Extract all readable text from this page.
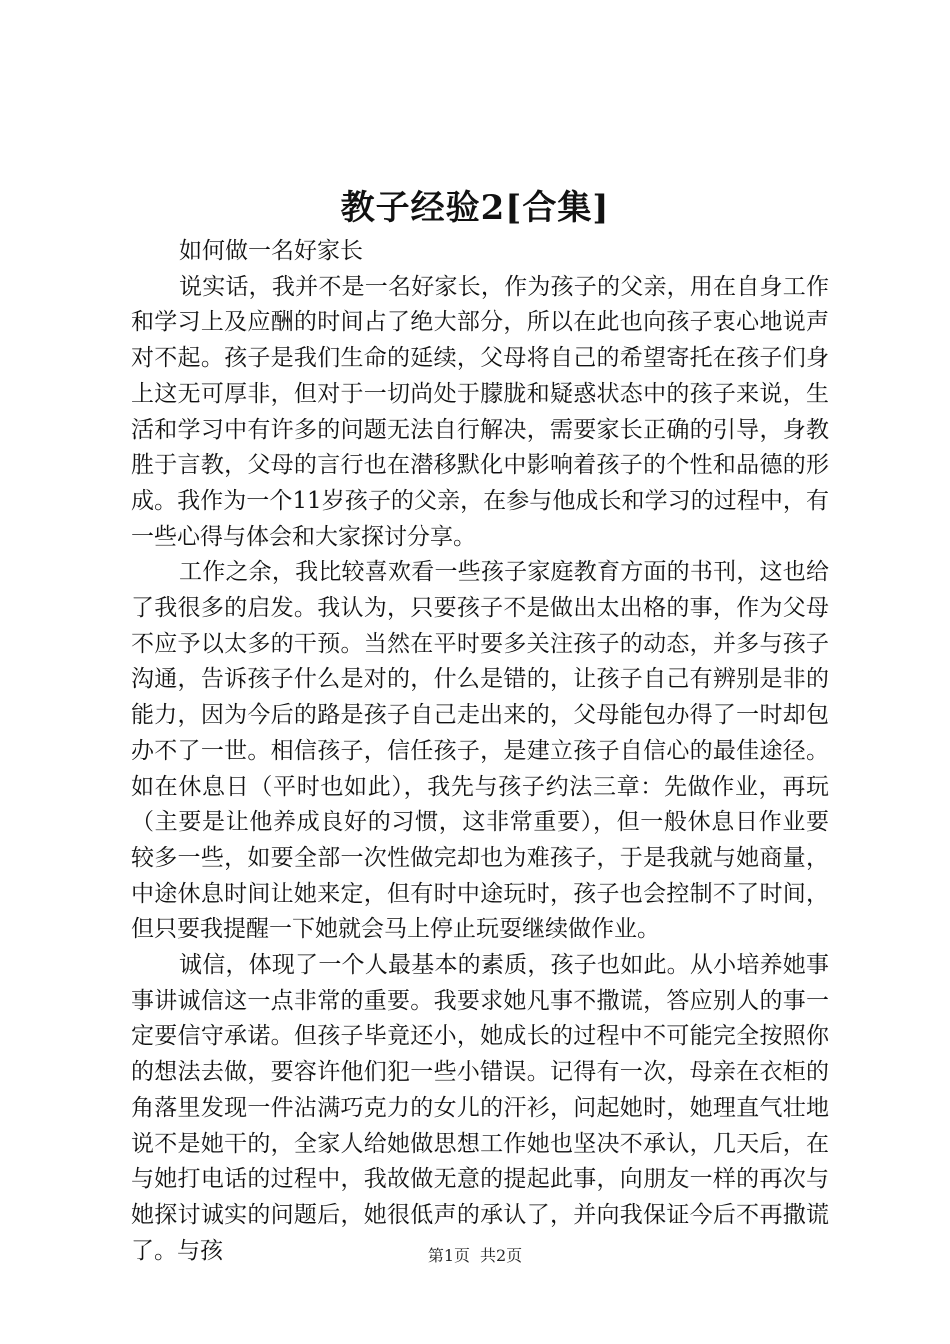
教子经验2[合集]

如何做一名好家长

说实话，我并不是一名好家长，作为孩子的父亲，用在自身工作和学习上及应酬的时间占了绝大部分，所以在此也向孩子衷心地说声对不起。孩子是我们生命的延续，父母将自己的希望寄托在孩子们身上这无可厚非，但对于一切尚处于朦胧和疑惑状态中的孩子来说，生活和学习中有许多的问题无法自行解决，需要家长正确的引导，身教胜于言教，父母的言行也在潜移默化中影响着孩子的个性和品德的形成。我作为一个11岁孩子的父亲，在参与他成长和学习的过程中，有一些心得与体会和大家探讨分享。

工作之余，我比较喜欢看一些孩子家庭教育方面的书刊，这也给了我很多的启发。我认为，只要孩子不是做出太出格的事，作为父母不应予以太多的干预。当然在平时要多关注孩子的动态，并多与孩子沟通，告诉孩子什么是对的，什么是错的，让孩子自己有辨别是非的能力，因为今后的路是孩子自己走出来的，父母能包办得了一时却包办不了一世。相信孩子，信任孩子，是建立孩子自信心的最佳途径。如在休息日（平时也如此），我先与孩子约法三章：先做作业，再玩（主要是让他养成良好的习惯，这非常重要），但一般休息日作业要较多一些，如要全部一次性做完却也为难孩子，于是我就与她商量，中途休息时间让她来定，但有时中途玩时，孩子也会控制不了时间，但只要我提醒一下她就会马上停止玩耍继续做作业。

诚信，体现了一个人最基本的素质，孩子也如此。从小培养她事事讲诚信这一点非常的重要。我要求她凡事不撒谎，答应别人的事一定要信守承诺。但孩子毕竟还小，她成长的过程中不可能完全按照你的想法去做，要容许他们犯一些小错误。记得有一次，母亲在衣柜的角落里发现一件沾满巧克力的女儿的汗衫，问起她时，她理直气壮地说不是她干的，全家人给她做思想工作她也坚决不承认，几天后，在与她打电话的过程中，我故做无意的提起此事，向朋友一样的再次与她探讨诚实的问题后，她很低声的承认了，并向我保证今后不再撒谎了。与孩	第1页 共2页
